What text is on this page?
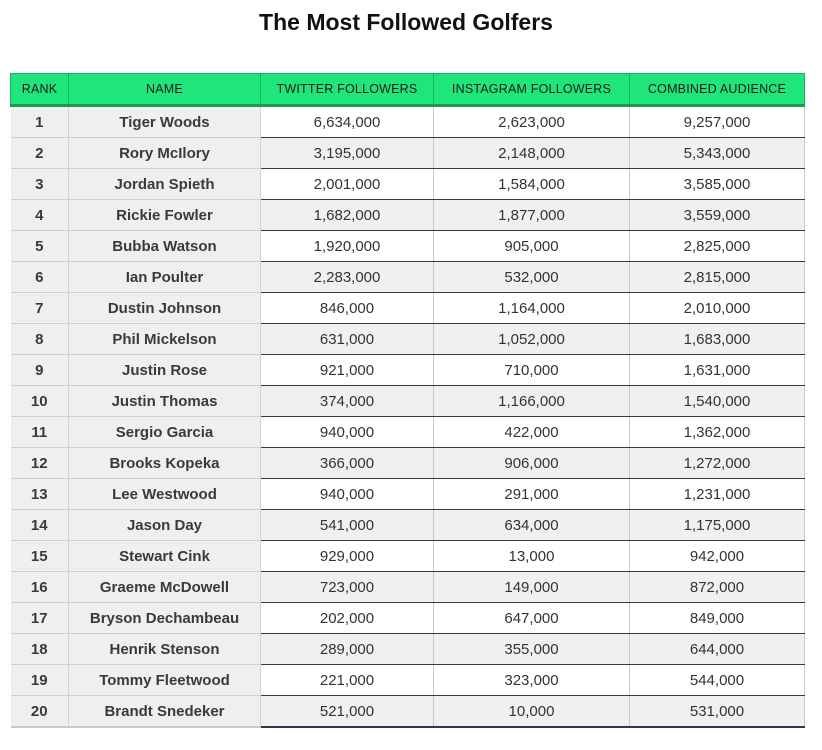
The Most Followed Golfers
RANK	NAME	TWITTER FOLLOWERS	INSTAGRAM FOLLOWERS	COMBINED AUDIENCE
1	Tiger Woods	6,634,000	2,623,000	9,257,000
2	Rory McIlory	3,195,000	2,148,000	5,343,000
3	Jordan Spieth	2,001,000	1,584,000	3,585,000
4	Rickie Fowler	1,682,000	1,877,000	3,559,000
5	Bubba Watson	1,920,000	905,000	2,825,000
6	Ian Poulter	2,283,000	532,000	2,815,000
7	Dustin Johnson	846,000	1,164,000	2,010,000
8	Phil Mickelson	631,000	1,052,000	1,683,000
9	Justin Rose	921,000	710,000	1,631,000
10	Justin Thomas	374,000	1,166,000	1,540,000
11	Sergio Garcia	940,000	422,000	1,362,000
12	Brooks Kopeka	366,000	906,000	1,272,000
13	Lee Westwood	940,000	291,000	1,231,000
14	Jason Day	541,000	634,000	1,175,000
15	Stewart Cink	929,000	13,000	942,000
16	Graeme McDowell	723,000	149,000	872,000
17	Bryson Dechambeau	202,000	647,000	849,000
18	Henrik Stenson	289,000	355,000	644,000
19	Tommy Fleetwood	221,000	323,000	544,000
20	Brandt Snedeker	521,000	10,000	531,000
